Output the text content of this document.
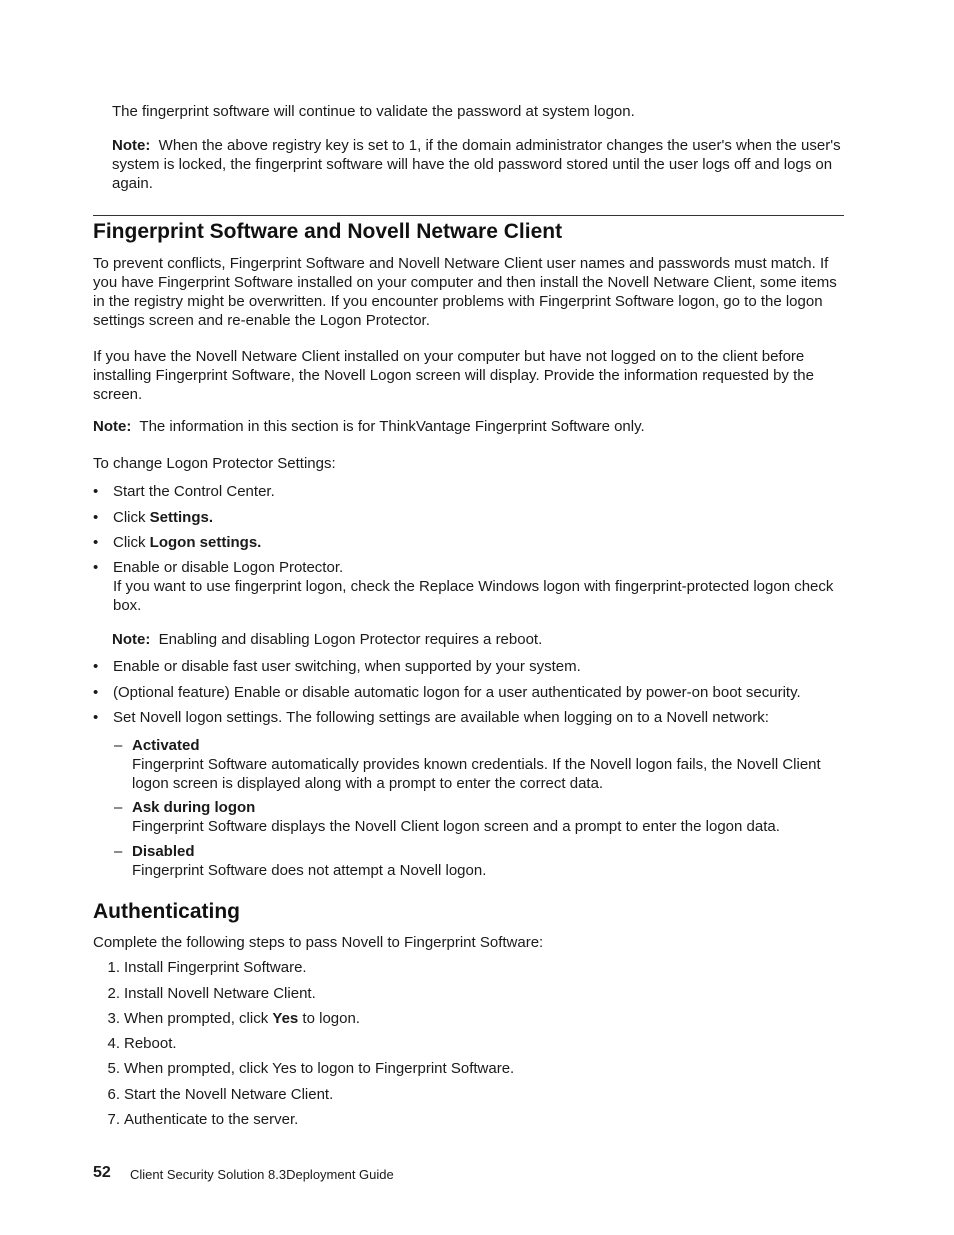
The fingerprint software will continue to validate the password at system logon.

Note: When the above registry key is set to 1, if the domain administrator changes the user's when the user's system is locked, the fingerprint software will have the old password stored until the user logs off and logs on again.

Fingerprint Software and Novell Netware Client

To prevent conflicts, Fingerprint Software and Novell Netware Client user names and passwords must match. If you have Fingerprint Software installed on your computer and then install the Novell Netware Client, some items in the registry might be overwritten. If you encounter problems with Fingerprint Software logon, go to the logon settings screen and re-enable the Logon Protector.

If you have the Novell Netware Client installed on your computer but have not logged on to the client before installing Fingerprint Software, the Novell Logon screen will display. Provide the information requested by the screen.

Note: The information in this section is for ThinkVantage Fingerprint Software only.

To change Logon Protector Settings:

• Start the Control Center.
• Click Settings.
• Click Logon settings.
• Enable or disable Logon Protector.
If you want to use fingerprint logon, check the Replace Windows logon with fingerprint-protected logon check box.

Note: Enabling and disabling Logon Protector requires a reboot.

• Enable or disable fast user switching, when supported by your system.
• (Optional feature) Enable or disable automatic logon for a user authenticated by power-on boot security.
• Set Novell logon settings. The following settings are available when logging on to a Novell network:
– Activated
Fingerprint Software automatically provides known credentials. If the Novell logon fails, the Novell Client logon screen is displayed along with a prompt to enter the correct data.
– Ask during logon
Fingerprint Software displays the Novell Client logon screen and a prompt to enter the logon data.
– Disabled
Fingerprint Software does not attempt a Novell logon.
Authenticating

Complete the following steps to pass Novell to Fingerprint Software:

1. Install Fingerprint Software.
2. Install Novell Netware Client.
3. When prompted, click Yes to logon.
4. Reboot.
5. When prompted, click Yes to logon to Fingerprint Software.
6. Start the Novell Netware Client.
7. Authenticate to the server.
52 Client Security Solution 8.3Deployment Guide
